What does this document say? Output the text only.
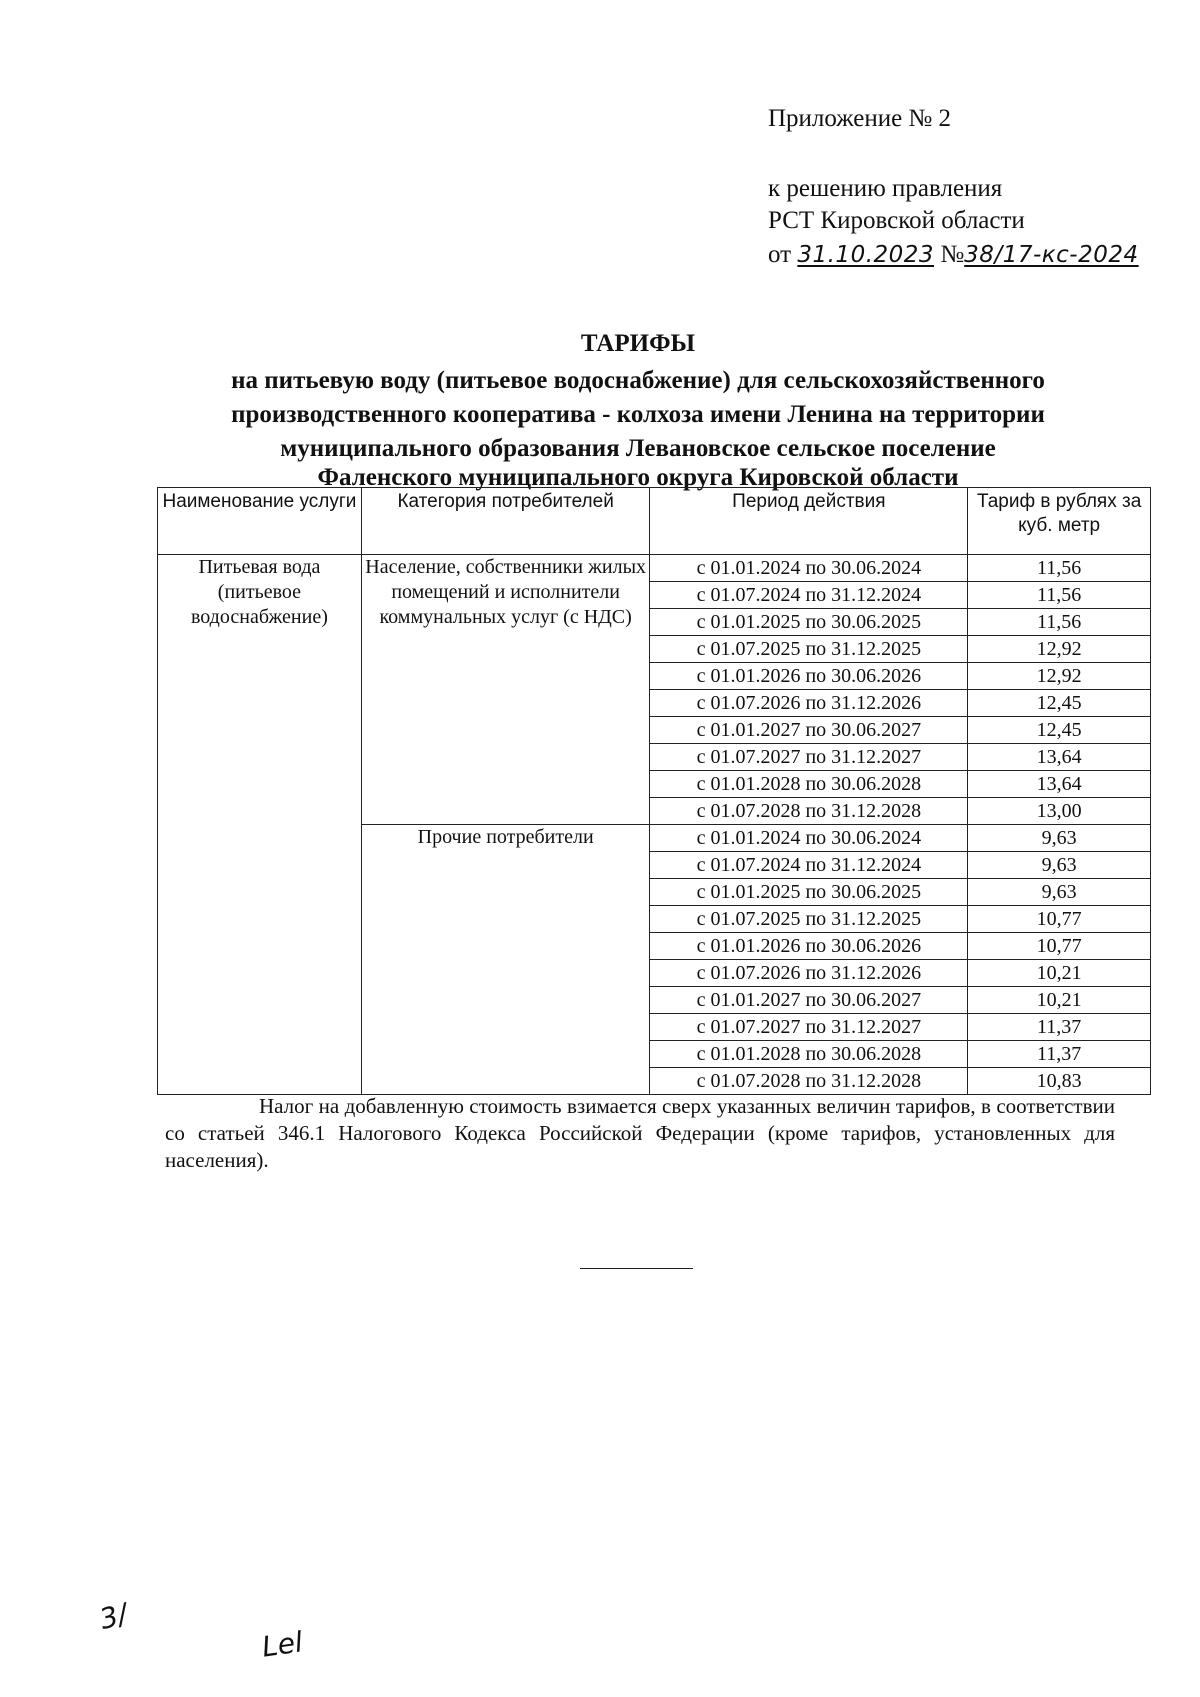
Приложение № 2
к решению правления
РСТ Кировской области
от 31.10.2023 №38/17-кс-2024
ТАРИФЫ
на питьевую воду (питьевое водоснабжение) для сельскохозяйственного
производственного кооператива - колхоза имени Ленина на территории
муниципального образования Левановское сельское поселение
Фаленского муниципального округа Кировской области
Наименование услуги	Категория потребителей	Период действия	Тариф в рублях за куб. метр
Питьевая вода (питьевое водоснабжение)	Население, собственники жилых помещений и исполнители коммунальных услуг (с НДС)	с 01.01.2024 по 30.06.2024	11,56
		с 01.07.2024 по 31.12.2024	11,56
		с 01.01.2025 по 30.06.2025	11,56
		с 01.07.2025 по 31.12.2025	12,92
		с 01.01.2026 по 30.06.2026	12,92
		с 01.07.2026 по 31.12.2026	12,45
		с 01.01.2027 по 30.06.2027	12,45
		с 01.07.2027 по 31.12.2027	13,64
		с 01.01.2028 по 30.06.2028	13,64
		с 01.07.2028 по 31.12.2028	13,00
	Прочие потребители	с 01.01.2024 по 30.06.2024	9,63
		с 01.07.2024 по 31.12.2024	9,63
		с 01.01.2025 по 30.06.2025	9,63
		с 01.07.2025 по 31.12.2025	10,77
		с 01.01.2026 по 30.06.2026	10,77
		с 01.07.2026 по 31.12.2026	10,21
		с 01.01.2027 по 30.06.2027	10,21
		с 01.07.2027 по 31.12.2027	11,37
		с 01.01.2028 по 30.06.2028	11,37
		с 01.07.2028 по 31.12.2028	10,83
Налог на добавленную стоимость взимается сверх указанных величин тарифов, в соответствии со статьей 346.1 Налогового Кодекса Российской Федерации (кроме тарифов, установленных для населения).
3/
Lel
